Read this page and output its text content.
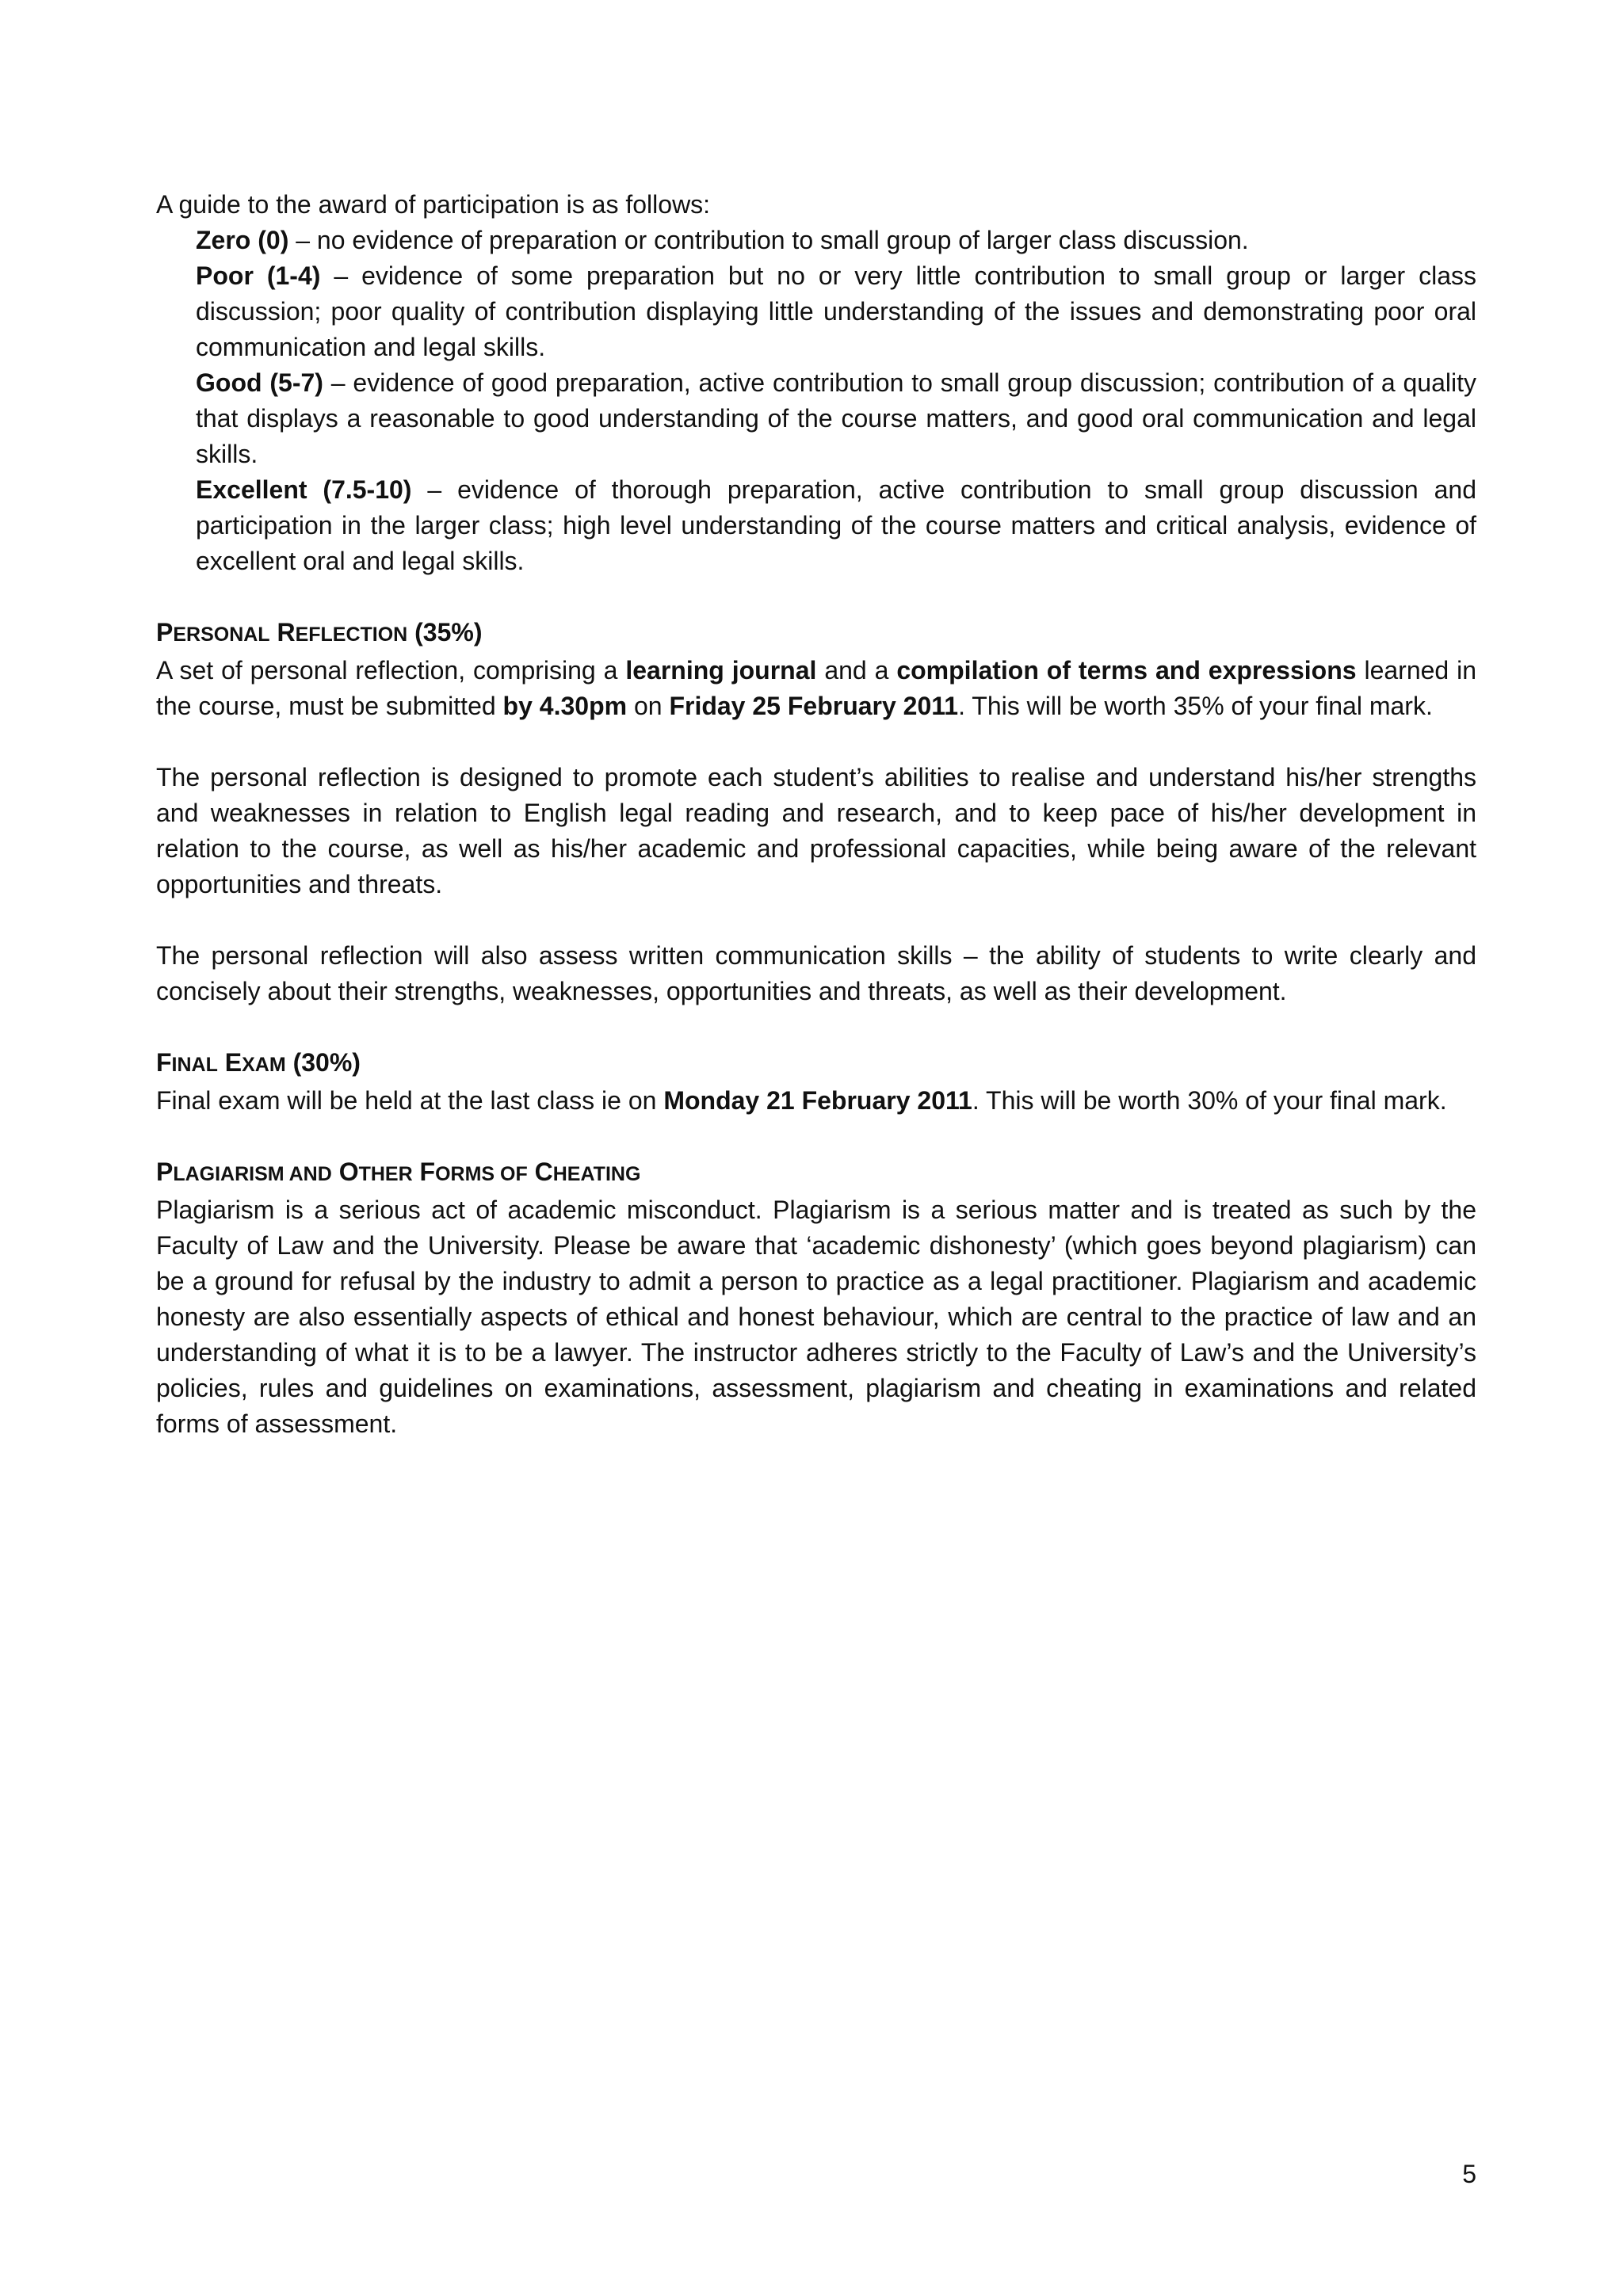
A guide to the award of participation is as follows:

Zero (0) – no evidence of preparation or contribution to small group of larger class discussion.

Poor (1-4) – evidence of some preparation but no or very little contribution to small group or larger class discussion; poor quality of contribution displaying little understanding of the issues and demonstrating poor oral communication and legal skills.

Good (5-7) – evidence of good preparation, active contribution to small group discussion; contribution of a quality that displays a reasonable to good understanding of the course matters, and good oral communication and legal skills.

Excellent (7.5-10) – evidence of thorough preparation, active contribution to small group discussion and participation in the larger class; high level understanding of the course matters and critical analysis, evidence of excellent oral and legal skills.

PERSONAL REFLECTION (35%)

A set of personal reflection, comprising a learning journal and a compilation of terms and expressions learned in the course, must be submitted by 4.30pm on Friday 25 February 2011. This will be worth 35% of your final mark.

The personal reflection is designed to promote each student’s abilities to realise and understand his/her strengths and weaknesses in relation to English legal reading and research, and to keep pace of his/her development in relation to the course, as well as his/her academic and professional capacities, while being aware of the relevant opportunities and threats.

The personal reflection will also assess written communication skills – the ability of students to write clearly and concisely about their strengths, weaknesses, opportunities and threats, as well as their development.

FINAL EXAM (30%)

Final exam will be held at the last class ie on Monday 21 February 2011. This will be worth 30% of your final mark.

PLAGIARISM AND OTHER FORMS OF CHEATING

Plagiarism is a serious act of academic misconduct. Plagiarism is a serious matter and is treated as such by the Faculty of Law and the University. Please be aware that ‘academic dishonesty’ (which goes beyond plagiarism) can be a ground for refusal by the industry to admit a person to practice as a legal practitioner. Plagiarism and academic honesty are also essentially aspects of ethical and honest behaviour, which are central to the practice of law and an understanding of what it is to be a lawyer. The instructor adheres strictly to the Faculty of Law’s and the University’s policies, rules and guidelines on examinations, assessment, plagiarism and cheating in examinations and related forms of assessment.

5
